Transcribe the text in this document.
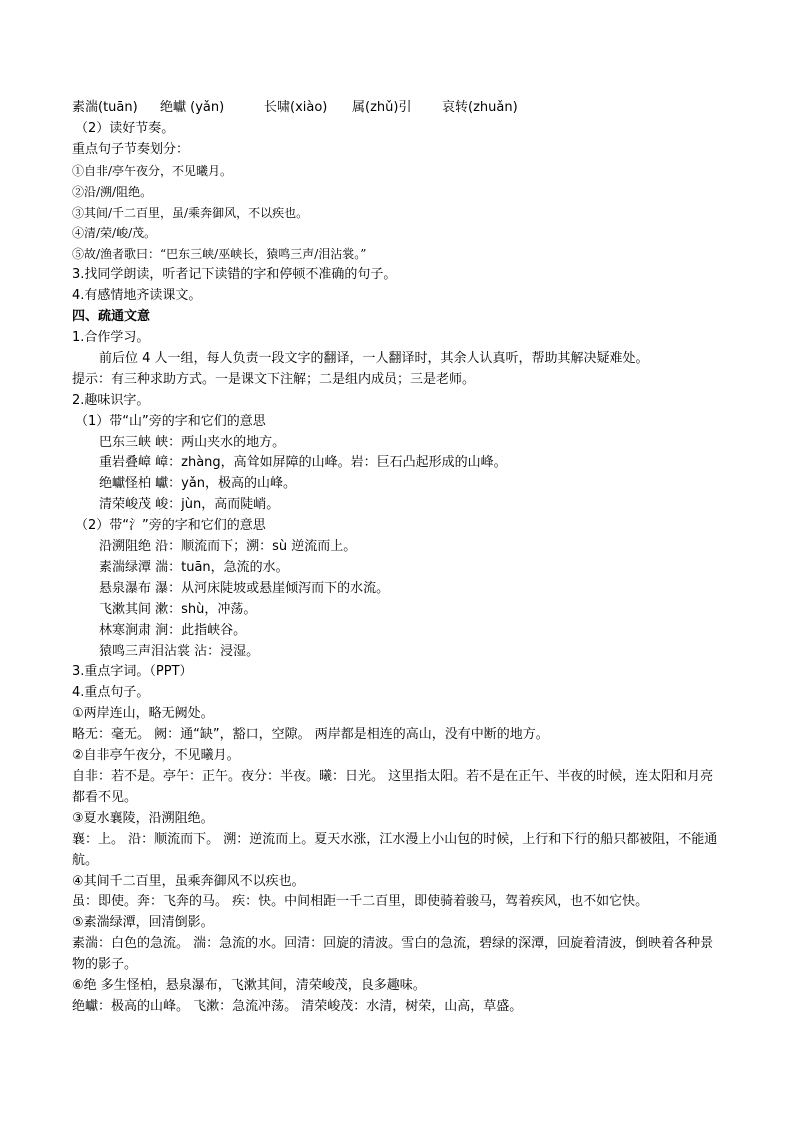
素湍(tuān) 绝巘 (yǎn)	长啸(xiào) 属(zhǔ)引 哀转(zhuǎn)
（2）读好节奏。
重点句子节奏划分：
①自非/亭午夜分，不见曦月。
②沿/溯/阻绝。
③其间/千二百里，虽/乘奔御风，不以疾也。
④清/荣/峻/茂。
⑤故/渔者歌曰：“巴东三峡/巫峡长，猿鸣三声/泪沾裳。”
3.找同学朗读，听者记下读错的字和停顿不准确的句子。
4.有感情地齐读课文。
四、疏通文意
1.合作学习。
前后位 4 人一组，每人负责一段文字的翻译，一人翻译时，其余人认真听，帮助其解决疑难处。
提示：有三种求助方式。一是课文下注解；二是组内成员；三是老师。
2.趣味识字。
（1）带“山”旁的字和它们的意思
巴东三峡 峡：两山夹水的地方。
重岩叠嶂 嶂：zhàng，高耸如屏障的山峰。岩：巨石凸起形成的山峰。
绝巘怪柏 巘：yǎn，极高的山峰。
清荣峻茂 峻：jùn，高而陡峭。
（2）带“氵”旁的字和它们的意思
沿溯阻绝 沿：顺流而下；溯：sù 逆流而上。
素湍绿潭 湍：tuān，急流的水。
悬泉瀑布 瀑：从河床陡坡或悬崖倾泻而下的水流。
飞漱其间 漱：shù，冲荡。
林寒涧肃 涧：此指峡谷。
猿鸣三声泪沾裳 沾：浸湿。
3.重点字词。（PPT）
4.重点句子。
①两岸连山，略无阙处。
略无：毫无。 阙：通“缺”，豁口，空隙。 两岸都是相连的高山，没有中断的地方。
②自非亭午夜分，不见曦月。
自非：若不是。亭午：正午。夜分：半夜。曦：日光。 这里指太阳。若不是在正午、半夜的时候，连太阳和月亮都看不见。
③夏水襄陵，沿溯阻绝。
襄：上。 沿：顺流而下。 溯：逆流而上。夏天水涨，江水漫上小山包的时候，上行和下行的船只都被阻，不能通航。
④其间千二百里，虽乘奔御风不以疾也。
虽：即使。奔：飞奔的马。 疾：快。中间相距一千二百里，即使骑着骏马，驾着疾风，也不如它快。
⑤素湍绿潭，回清倒影。
素湍：白色的急流。 湍：急流的水。回清：回旋的清波。雪白的急流，碧绿的深潭，回旋着清波，倒映着各种景物的影子。
⑥绝 多生怪柏，悬泉瀑布，飞漱其间，清荣峻茂，良多趣味。
绝巘：极高的山峰。 飞漱：急流冲荡。 清荣峻茂：水清，树荣，山高，草盛。
